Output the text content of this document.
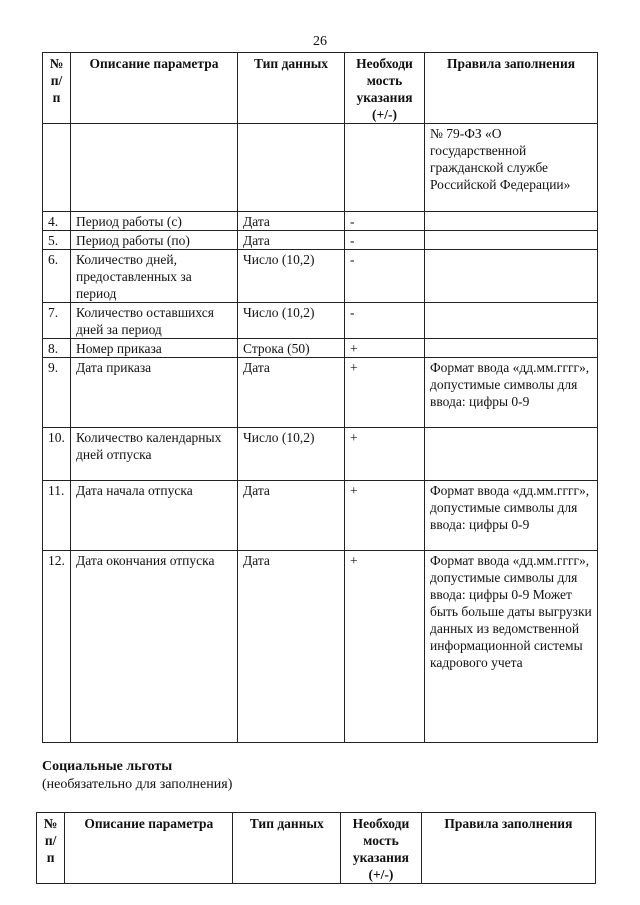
26
№ п/п	Описание параметра	Тип данных	Необходи мость указания (+/-)	Правила заполнения
				№ 79-ФЗ «О государственной гражданской службе Российской Федерации»
4.	Период работы (с)	Дата	-	
5.	Период работы (по)	Дата	-	
6.	Количество дней, предоставленных за период	Число (10,2)	-	
7.	Количество оставшихся дней за период	Число (10,2)	-	
8.	Номер приказа	Строка (50)	+	
9.	Дата приказа	Дата	+	Формат ввода «дд.мм.гггг», допустимые символы для ввода: цифры 0-9
10.	Количество календарных дней отпуска	Число (10,2)	+	
11.	Дата начала отпуска	Дата	+	Формат ввода «дд.мм.гггг», допустимые символы для ввода: цифры 0-9
12.	Дата окончания отпуска	Дата	+	Формат ввода «дд.мм.гггг», допустимые символы для ввода: цифры 0-9 Может быть больше даты выгрузки данных из ведомственной информационной системы кадрового учета
Социальные льготы
(необязательно для заполнения)
№ п/п	Описание параметра	Тип данных	Необходи мость указания (+/-)	Правила заполнения
